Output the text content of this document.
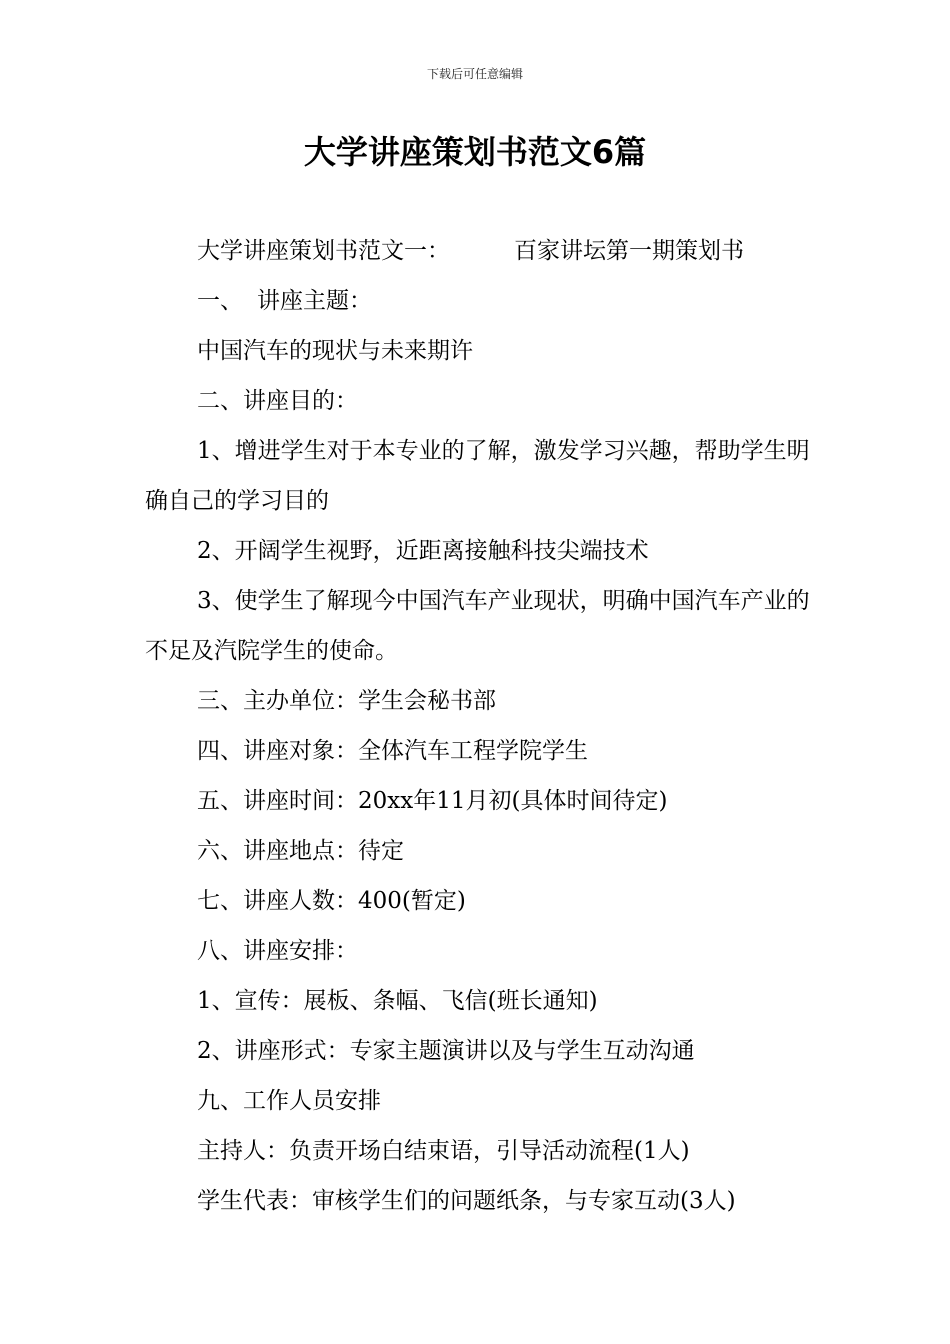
下载后可任意编辑
大学讲座策划书范文6篇

大学讲座策划书范文一：	百家讲坛第一期策划书

一、 讲座主题：

中国汽车的现状与未来期许

二、讲座目的：

1、增进学生对于本专业的了解，激发学习兴趣，帮助学生明确自己的学习目的

2、开阔学生视野，近距离接触科技尖端技术

3、使学生了解现今中国汽车产业现状，明确中国汽车产业的不足及汽院学生的使命。

三、主办单位：学生会秘书部

四、讲座对象：全体汽车工程学院学生

五、讲座时间：20xx年11月初(具体时间待定)

六、讲座地点：待定

七、讲座人数：400(暂定)

八、讲座安排：

1、宣传：展板、条幅、飞信(班长通知)

2、讲座形式：专家主题演讲以及与学生互动沟通

九、工作人员安排

主持人：负责开场白结束语，引导活动流程(1人)

学生代表：审核学生们的问题纸条，与专家互动(3人)
